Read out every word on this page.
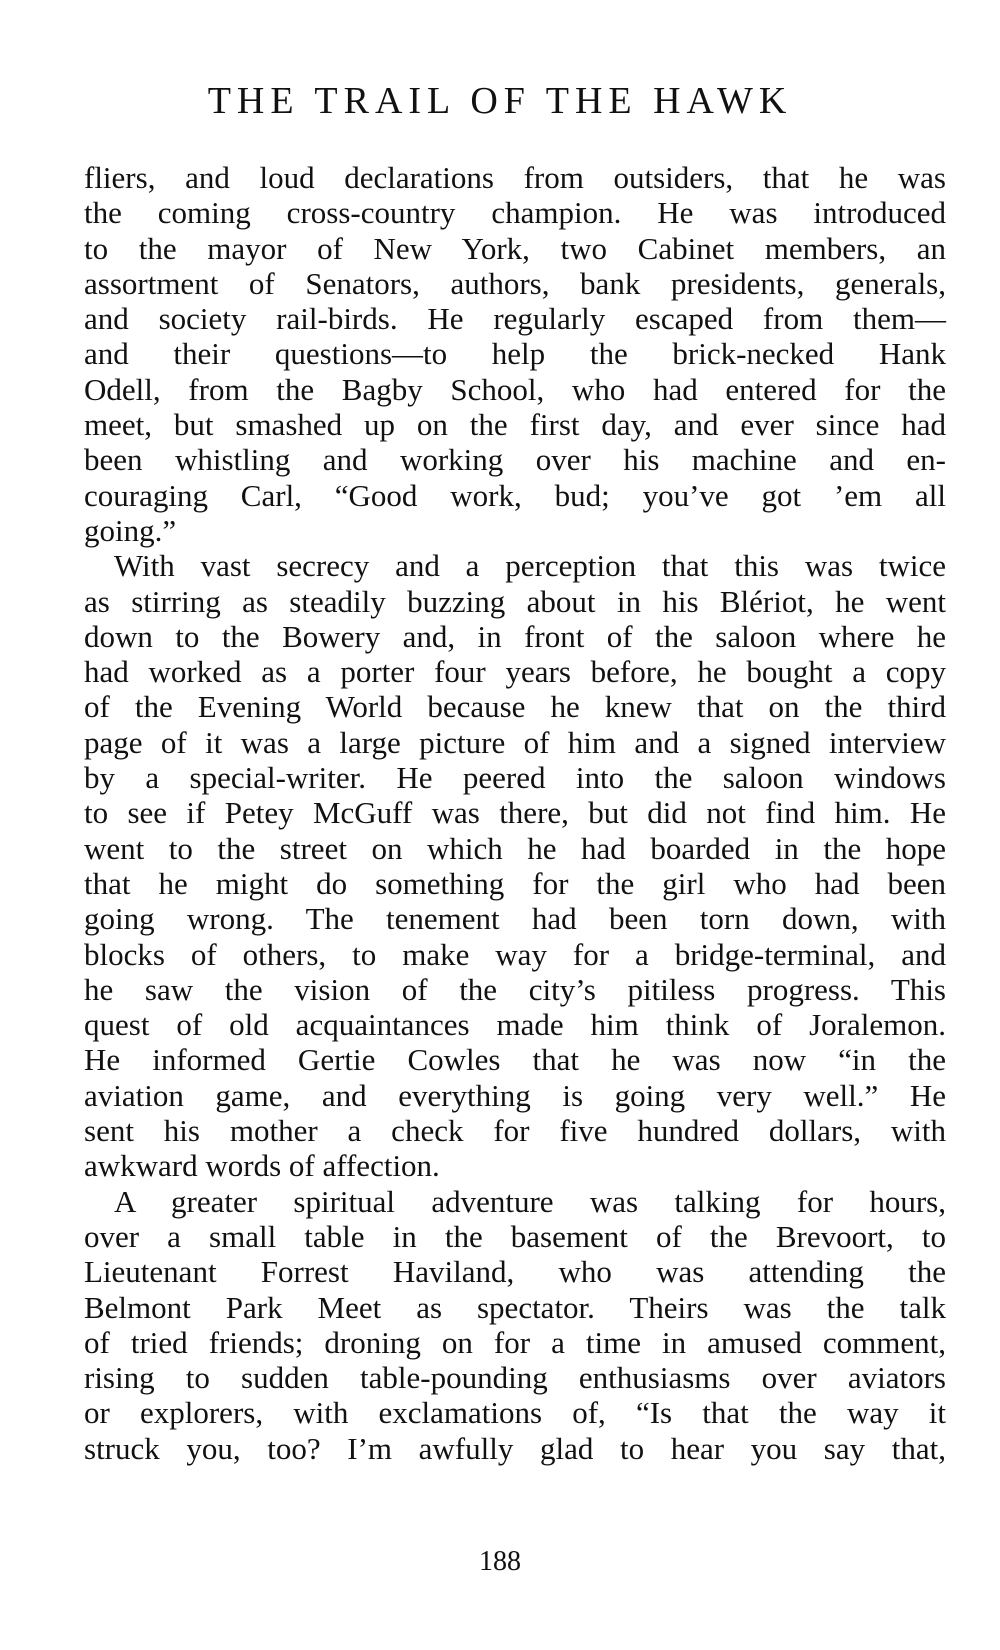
THE TRAIL OF THE HAWK
fliers, and loud declarations from outsiders, that he was
the coming cross-country champion. He was introduced
to the mayor of New York, two Cabinet members, an
assortment of Senators, authors, bank presidents, generals,
and society rail-birds. He regularly escaped from them—
and their questions—to help the brick-necked Hank
Odell, from the Bagby School, who had entered for the
meet, but smashed up on the first day, and ever since had
been whistling and working over his machine and en-
couraging Carl, “Good work, bud; you’ve got ’em all
going.”
With vast secrecy and a perception that this was twice
as stirring as steadily buzzing about in his Blériot, he went
down to the Bowery and, in front of the saloon where he
had worked as a porter four years before, he bought a copy
of the Evening World because he knew that on the third
page of it was a large picture of him and a signed interview
by a special-writer. He peered into the saloon windows
to see if Petey McGuff was there, but did not find him. He
went to the street on which he had boarded in the hope
that he might do something for the girl who had been
going wrong. The tenement had been torn down, with
blocks of others, to make way for a bridge-terminal, and
he saw the vision of the city’s pitiless progress. This
quest of old acquaintances made him think of Joralemon.
He informed Gertie Cowles that he was now “in the
aviation game, and everything is going very well.” He
sent his mother a check for five hundred dollars, with
awkward words of affection.
A greater spiritual adventure was talking for hours,
over a small table in the basement of the Brevoort, to
Lieutenant Forrest Haviland, who was attending the
Belmont Park Meet as spectator. Theirs was the talk
of tried friends; droning on for a time in amused comment,
rising to sudden table-pounding enthusiasms over aviators
or explorers, with exclamations of, “Is that the way it
struck you, too? I’m awfully glad to hear you say that,
188
